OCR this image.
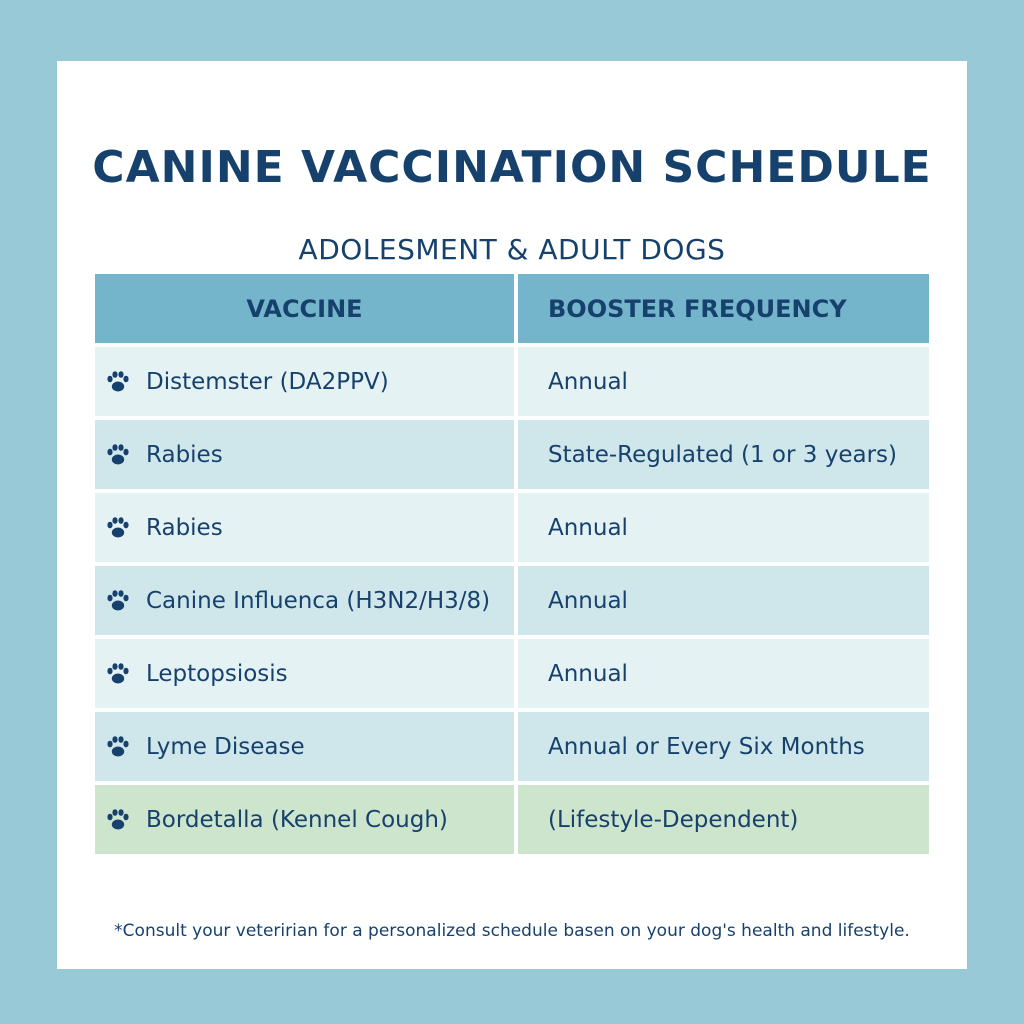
CANINE VACCINATION SCHEDULE
ADOLESMENT & ADULT DOGS
VACCINE	BOOSTER FREQUENCY
Distemster (DA2PPV)	Annual
Rabies	State-Regulated (1 or 3 years)
Rabies	Annual
Canine Influenca (H3N2/H3/8)	Annual
Leptopsiosis	Annual
Lyme Disease	Annual or Every Six Months
Bordetalla (Kennel Cough)	(Lifestyle-Dependent)
*Consult your veteririan for a personalized schedule basen on your dog's health and lifestyle.
